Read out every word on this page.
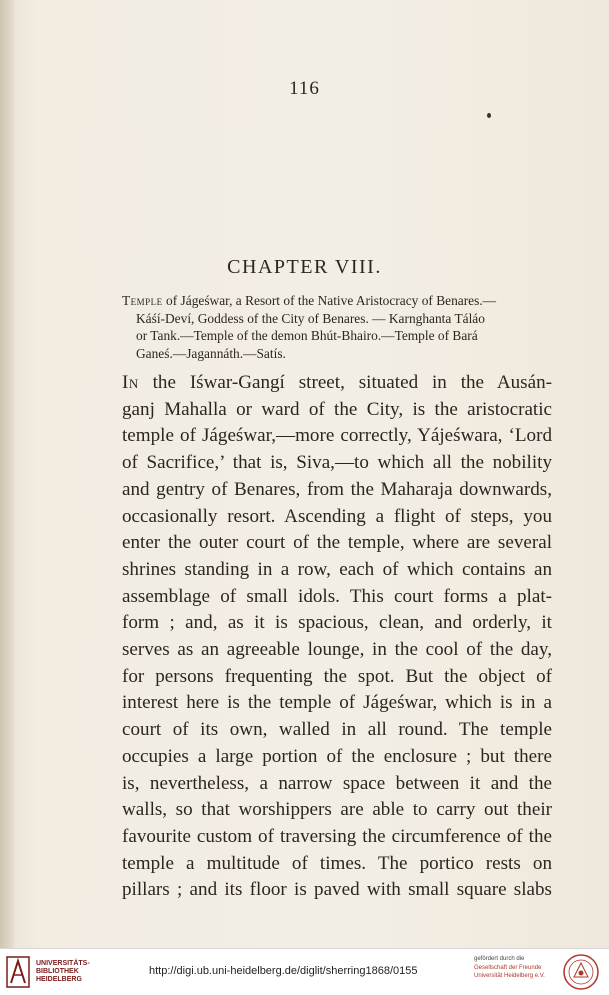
116
CHAPTER VIII.

Temple of Jágeśwar, a Resort of the Native Aristocracy of Benares.—
Káśí-Deví, Goddess of the City of Benares. — Karnghanta Táláo
or Tank.—Temple of the demon Bhút-Bhairo.—Temple of Bará
Ganeś.—Jagannáth.—Satís.

In the Iśwar-Gangí street, situated in the Ausán-
ganj Mahalla or ward of the City, is the aristocratic
temple of Jágeśwar,—more correctly, Yájeśwara, ‘Lord
of Sacrifice,’ that is, Siva,—to which all the nobility
and gentry of Benares, from the Maharaja downwards,
occasionally resort. Ascending a flight of steps, you
enter the outer court of the temple, where are several
shrines standing in a row, each of which contains an
assemblage of small idols. This court forms a plat-
form ; and, as it is spacious, clean, and orderly, it
serves as an agreeable lounge, in the cool of the day,
for persons frequenting the spot. But the object of
interest here is the temple of Jágeśwar, which is in a
court of its own, walled in all round. The temple
occupies a large portion of the enclosure ; but there
is, nevertheless, a narrow space between it and the
walls, so that worshippers are able to carry out their
favourite custom of traversing the circumference of the
temple a multitude of times. The portico rests on
pillars ; and its floor is paved with small square slabs

UNIVERSITÄTS-
BIBLIOTHEK
HEIDELBERG
http://digi.ub.uni-heidelberg.de/diglit/sherring1868/0155
gefördert durch die
Gesellschaft der Freunde
Universität Heidelberg e.V.
